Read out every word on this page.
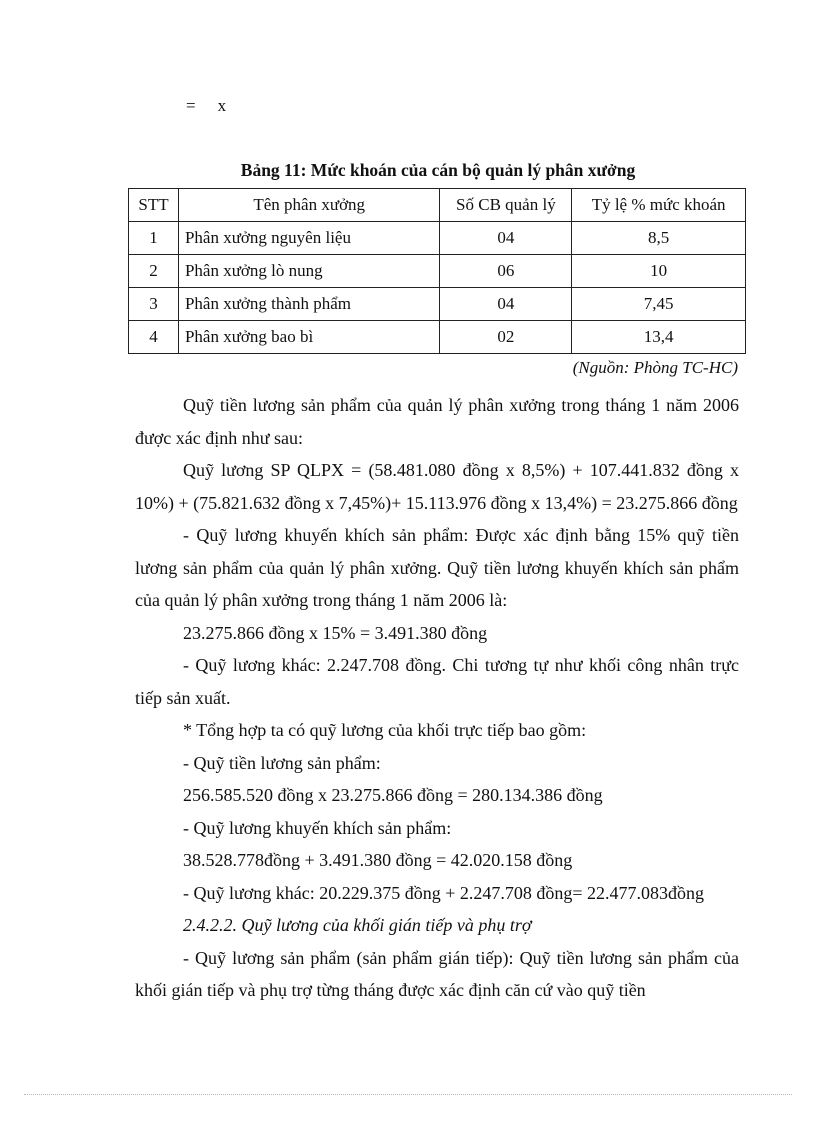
= x
Bảng 11: Mức khoán của cán bộ quản lý phân xưởng
STT	Tên phân xưởng	Số CB quản lý	Tỷ lệ % mức khoán
1	Phân xưởng nguyên liệu	04	8,5
2	Phân xưởng lò nung	06	10
3	Phân xưởng thành phẩm	04	7,45
4	Phân xưởng bao bì	02	13,4
(Nguồn: Phòng TC-HC)

Quỹ tiền lương sản phẩm của quản lý phân xưởng trong tháng 1 năm 2006 được xác định như sau:

Quỹ lương SP QLPX = (58.481.080 đồng x 8,5%) + 107.441.832 đồng x 10%) + (75.821.632 đồng x 7,45%)+ 15.113.976 đồng x 13,4%) = 23.275.866 đồng

- Quỹ lương khuyến khích sản phẩm: Được xác định bằng 15% quỹ tiền lương sản phẩm của quản lý phân xưởng. Quỹ tiền lương khuyến khích sản phẩm của quản lý phân xưởng trong tháng 1 năm 2006 là:

23.275.866 đồng x 15% = 3.491.380 đồng

- Quỹ lương khác: 2.247.708 đồng. Chi tương tự như khối công nhân trực tiếp sản xuất.

* Tổng hợp ta có quỹ lương của khối trực tiếp bao gồm:

- Quỹ tiền lương sản phẩm:

256.585.520 đồng x 23.275.866 đồng = 280.134.386 đồng

- Quỹ lương khuyến khích sản phẩm:

38.528.778đồng + 3.491.380 đồng = 42.020.158 đồng

- Quỹ lương khác: 20.229.375 đồng + 2.247.708 đồng= 22.477.083đồng

2.4.2.2. Quỹ lương của khối gián tiếp và phụ trợ

- Quỹ lương sản phẩm (sản phẩm gián tiếp): Quỹ tiền lương sản phẩm của khối gián tiếp và phụ trợ từng tháng được xác định căn cứ vào quỹ tiền
